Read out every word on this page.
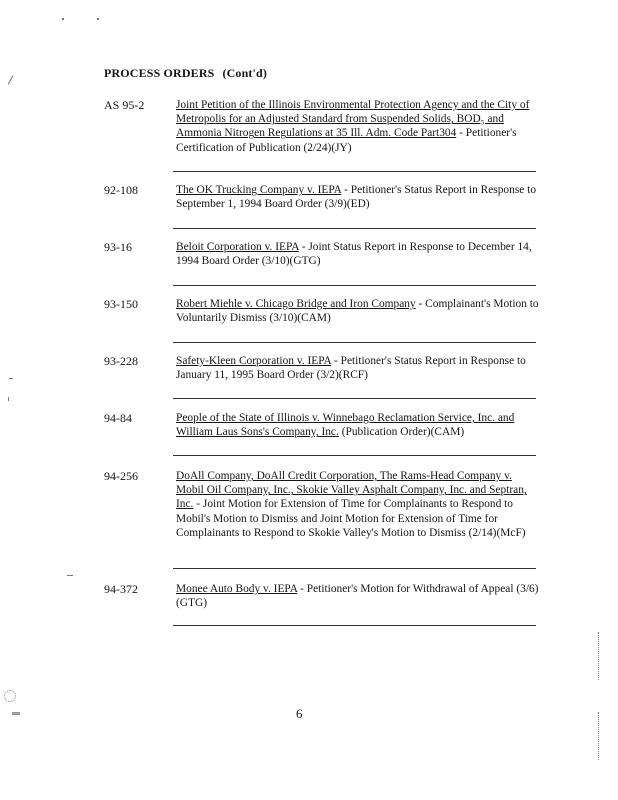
PROCESS ORDERS (Cont'd)
AS 95-2	Joint Petition of the Illinois Environmental Protection Agency and the City of Metropolis for an Adjusted Standard from Suspended Solids, BOD₅ and Ammonia Nitrogen Regulations at 35 Ill. Adm. Code Part304 - Petitioner's Certification of Publication (2/24)(JY)
92-108	The OK Trucking Company v. IEPA - Petitioner's Status Report in Response to September 1, 1994 Board Order (3/9)(ED)
93-16	Beloit Corporation v. IEPA - Joint Status Report in Response to December 14, 1994 Board Order (3/10)(GTG)
93-150	Robert Miehle v. Chicago Bridge and Iron Company - Complainant's Motion to Voluntarily Dismiss (3/10)(CAM)
93-228	Safety-Kleen Corporation v. IEPA - Petitioner's Status Report in Response to January 11, 1995 Board Order (3/2)(RCF)
94-84	People of the State of Illinois v. Winnebago Reclamation Service, Inc. and William Laus Sons's Company, Inc. (Publication Order)(CAM)
94-256	DoAll Company, DoAll Credit Corporation, The Rams-Head Company v. Mobil Oil Company, Inc., Skokie Valley Asphalt Company, Inc. and Septran, Inc. - Joint Motion for Extension of Time for Complainants to Respond to Mobil's Motion to Dismiss and Joint Motion for Extension of Time for Complainants to Respond to Skokie Valley's Motion to Dismiss (2/14)(McF)
94-372	Monee Auto Body v. IEPA - Petitioner's Motion for Withdrawal of Appeal (3/6)(GTG)
6
